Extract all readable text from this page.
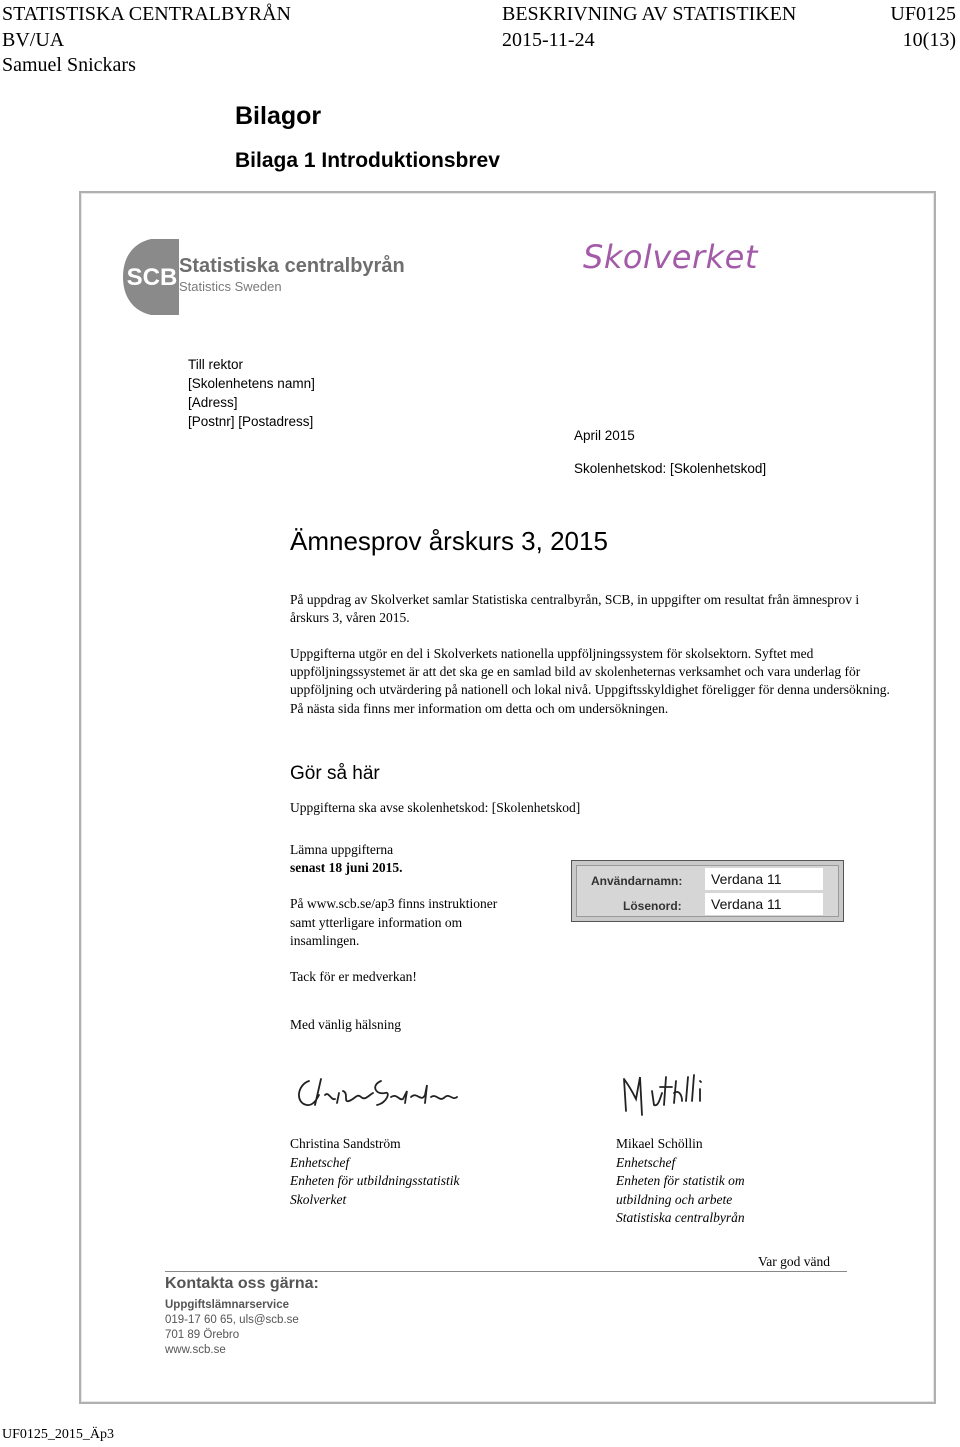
STATISTISKA CENTRALBYRÅN	BESKRIVNING AV STATISTIKEN	UF0125
BV/UA	2015-11-24	10(13)
Samuel Snickars
Bilagor
Bilaga 1 Introduktionsbrev
SCB Statistiska centralbyrån
Statistics Sweden
Skolverket
Till rektor
[Skolenhetens namn]
[Adress]
[Postnr] [Postadress]
April 2015
Skolenhetskod: [Skolenhetskod]
Ämnesprov årskurs 3, 2015
På uppdrag av Skolverket samlar Statistiska centralbyrån, SCB, in uppgifter om resultat från ämnesprov i årskurs 3, våren 2015.
Uppgifterna utgör en del i Skolverkets nationella uppföljningssystem för skolsektorn. Syftet med uppföljningssystemet är att det ska ge en samlad bild av skolenheternas verksamhet och vara underlag för uppföljning och utvärdering på nationell och lokal nivå. Uppgiftsskyldighet föreligger för denna undersökning. På nästa sida finns mer information om detta och om undersökningen.
Gör så här
Uppgifterna ska avse skolenhetskod: [Skolenhetskod]
Lämna uppgifterna
senast 18 juni 2015.
På www.scb.se/ap3 finns instruktioner
samt ytterligare information om
insamlingen.
Tack för er medverkan!
Med vänlig hälsning
Användarnamn:	Verdana 11
Lösenord:	Verdana 11
Christina Sandström
Enhetschef
Enheten för utbildningsstatistik
Skolverket
Mikael Schöllin
Enhetschef
Enheten för statistik om
utbildning och arbete
Statistiska centralbyrån
Var god vänd
Kontakta oss gärna:
Uppgiftslämnarservice
019-17 60 65, uls@scb.se
701 89 Örebro
www.scb.se
UF0125_2015_Äp3
